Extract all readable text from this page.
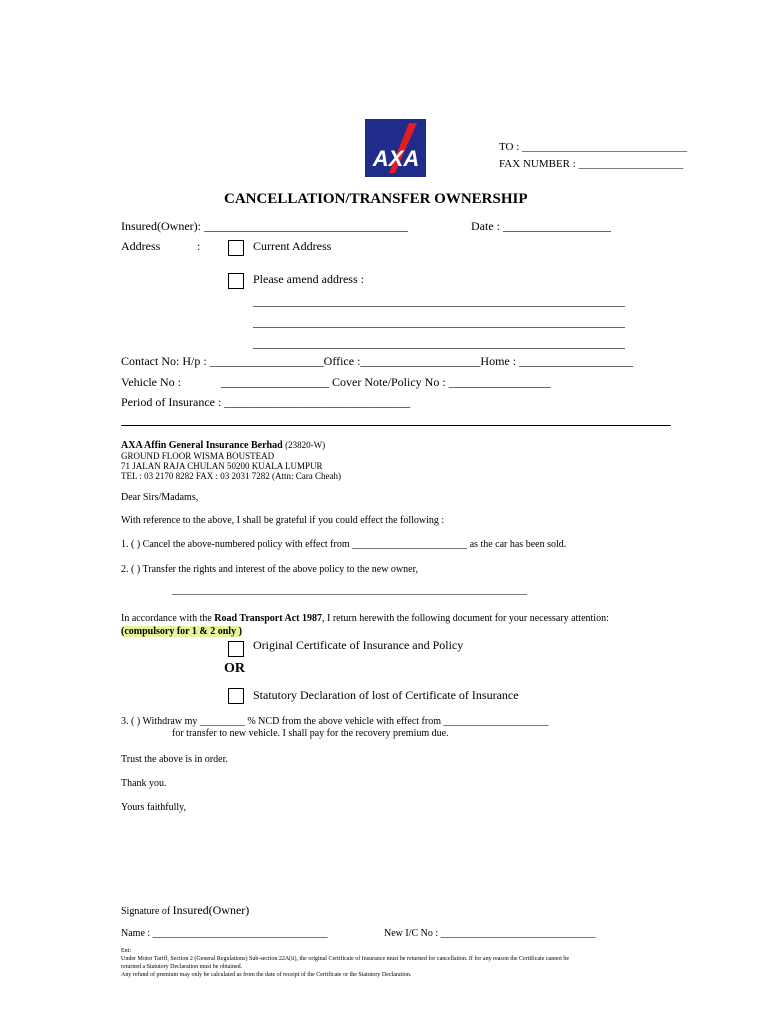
AXA	TO : ______________________________
FAX NUMBER : ___________________
CANCELLATION/TRANSFER OWNERSHIP
Insured(Owner): __________________________________	Date : __________________
Address	:	Current Address
Please amend address :
______________________________________________________________
______________________________________________________________
______________________________________________________________
Contact No: H/p : ___________________Office :____________________Home : ___________________
Vehicle No :	__________________ Cover Note/Policy No : _________________
Period of Insurance : _______________________________
AXA Affin General Insurance Berhad (23820-W)
GROUND FLOOR WISMA BOUSTEAD
71 JALAN RAJA CHULAN 50200 KUALA LUMPUR
TEL : 03 2170 8282 FAX : 03 2031 7282 (Attn: Cara Cheah)
Dear Sirs/Madams,
With reference to the above, I shall be grateful if you could effect the following :
1. ( ) Cancel the above-numbered policy with effect from _______________________ as the car has been sold.
2. ( ) Transfer the rights and interest of the above policy to the new owner,
_______________________________________________________________________
In accordance with the Road Transport Act 1987, I return herewith the following document for your necessary attention:
(compulsory for 1 & 2 only )
Original Certificate of Insurance and Policy
OR
Statutory Declaration of lost of Certificate of Insurance
3. ( ) Withdraw my _________ % NCD from the above vehicle with effect from _____________________
for transfer to new vehicle. I shall pay for the recovery premium due.
Trust the above is in order.
Thank you.
Yours faithfully,
Signature of Insured(Owner)
Name : ___________________________________	New I/C No : _______________________________
Ent:
Under Motor Tariff, Section 2 (General Regulations) Sub-section 22A(ii), the original Certificate of Insurance must be returned for cancellation. If for any reason the Certificate cannot be
returned a Statutory Declaration must be obtained.
Any refund of premium may only be calculated as from the date of receipt of the Certificate or the Statutory Declaration.
